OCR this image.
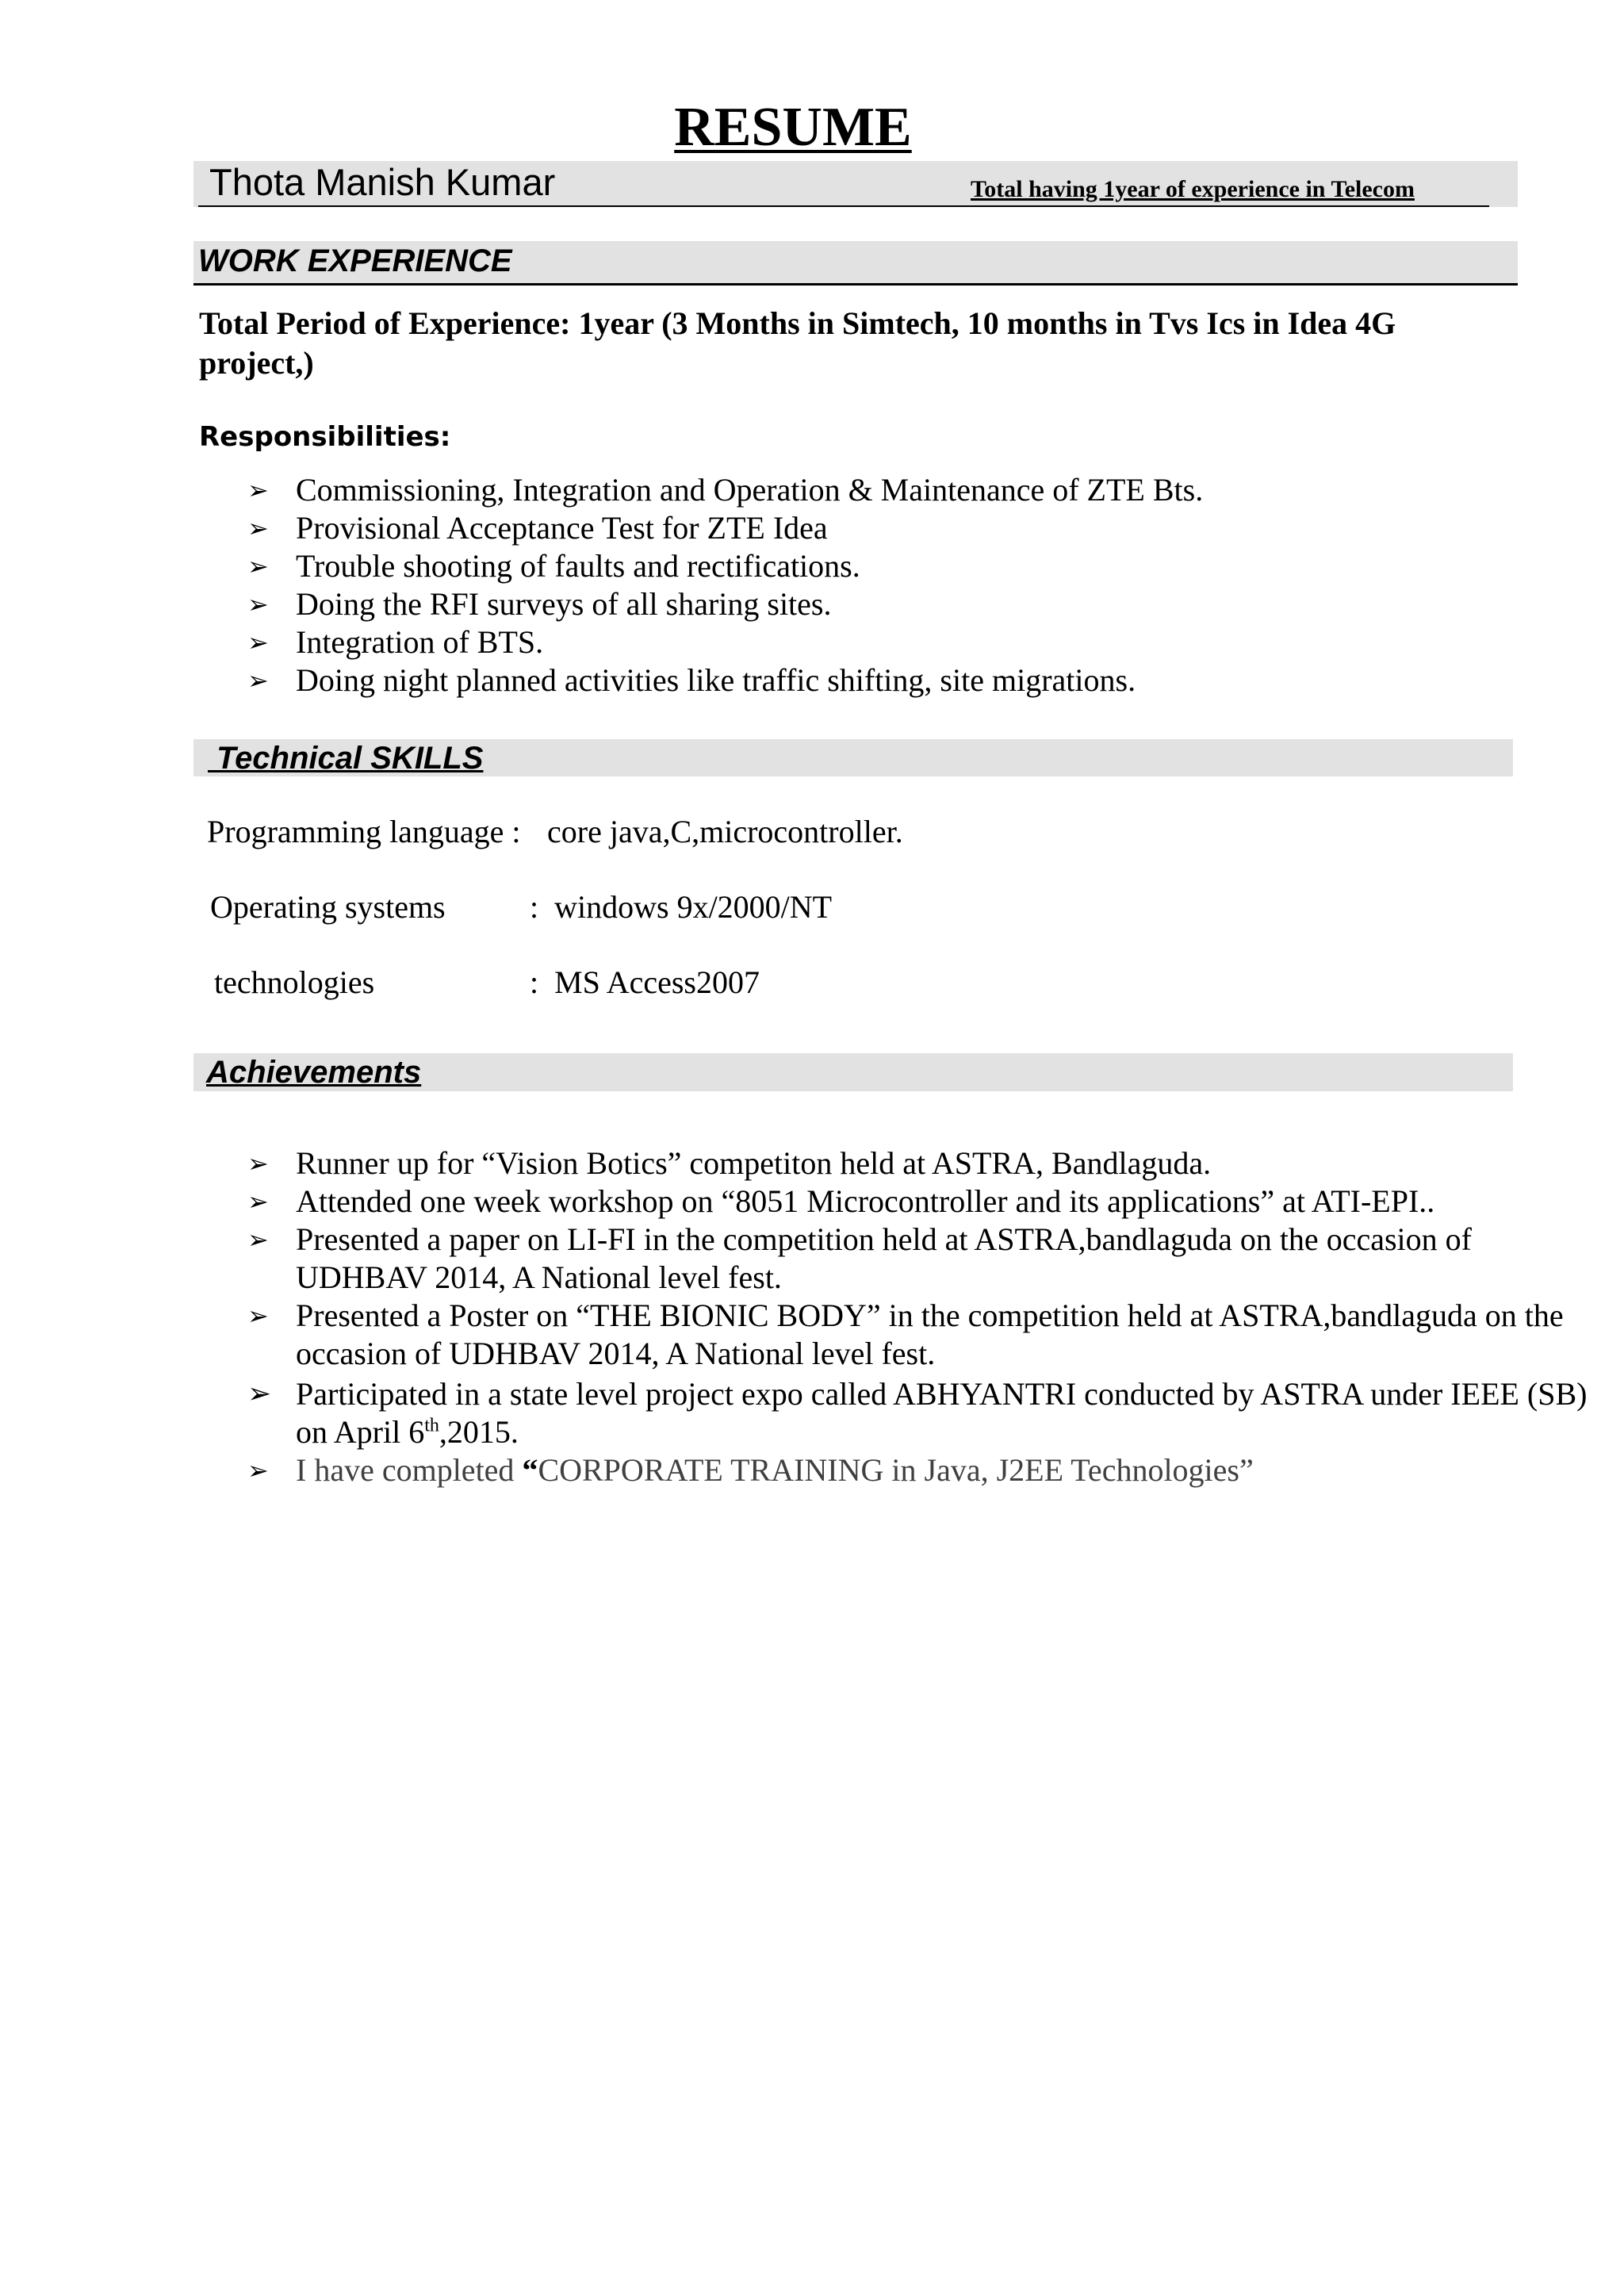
RESUME
Thota Manish Kumar	Total having 1year of experience in Telecom
WORK EXPERIENCE
Total Period of Experience: 1year (3 Months in Simtech, 10 months in Tvs Ics in Idea 4G project,)
Responsibilities:
➢ Commissioning, Integration and Operation & Maintenance of ZTE Bts.
➢ Provisional Acceptance Test for ZTE Idea
➢ Trouble shooting of faults and rectifications.
➢ Doing the RFI surveys of all sharing sites.
➢ Integration of BTS.
➢ Doing night planned activities like traffic shifting, site migrations.
Technical SKILLS
Programming language : core java,C,microcontroller.
Operating systems	:  windows 9x/2000/NT
technologies	:  MS Access2007
Achievements
➢ Runner up for “Vision Botics” competiton held at ASTRA, Bandlaguda.
➢ Attended one week workshop on “8051 Microcontroller and its applications” at ATI-EPI..
➢ Presented a paper on LI-FI in the competition held at ASTRA,bandlaguda on the occasion of UDHBAV 2014, A National level fest.
➢ Presented a Poster on “THE BIONIC BODY” in the competition held at ASTRA,bandlaguda on the occasion of UDHBAV 2014, A National level fest.
➢ Participated in a state level project expo called ABHYANTRI conducted by ASTRA under IEEE (SB) on April 6th,2015.
➢ I have completed “CORPORATE TRAINING in Java, J2EE Technologies”
